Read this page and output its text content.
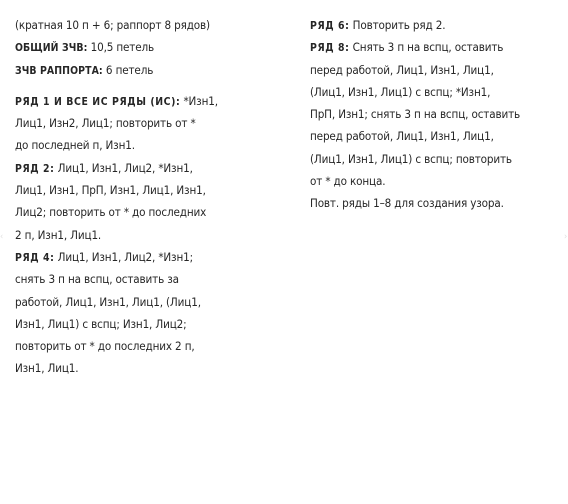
‹	›
(кратная 10 п + 6; раппорт 8 рядов)
ОБЩИЙ ЗЧВ: 10,5 петель
ЗЧВ РАППОРТА: 6 петель
РЯД 1 И ВСЕ ИС РЯДЫ (ИС): *Изн1,
Лиц1, Изн2, Лиц1; повторить от *
до последней п, Изн1.
РЯД 2: Лиц1, Изн1, Лиц2, *Изн1,
Лиц1, Изн1, ПрП, Изн1, Лиц1, Изн1,
Лиц2; повторить от * до последних
2 п, Изн1, Лиц1.
РЯД 4: Лиц1, Изн1, Лиц2, *Изн1;
снять 3 п на вспц, оставить за
работой, Лиц1, Изн1, Лиц1, (Лиц1,
Изн1, Лиц1) с вспц; Изн1, Лиц2;
повторить от * до последних 2 п,
Изн1, Лиц1.
РЯД 6: Повторить ряд 2.
РЯД 8: Снять 3 п на вспц, оставить
перед работой, Лиц1, Изн1, Лиц1,
(Лиц1, Изн1, Лиц1) с вспц; *Изн1,
ПрП, Изн1; снять 3 п на вспц, оставить
перед работой, Лиц1, Изн1, Лиц1,
(Лиц1, Изн1, Лиц1) с вспц; повторить
от * до конца.
Повт. ряды 1–8 для создания узора.
